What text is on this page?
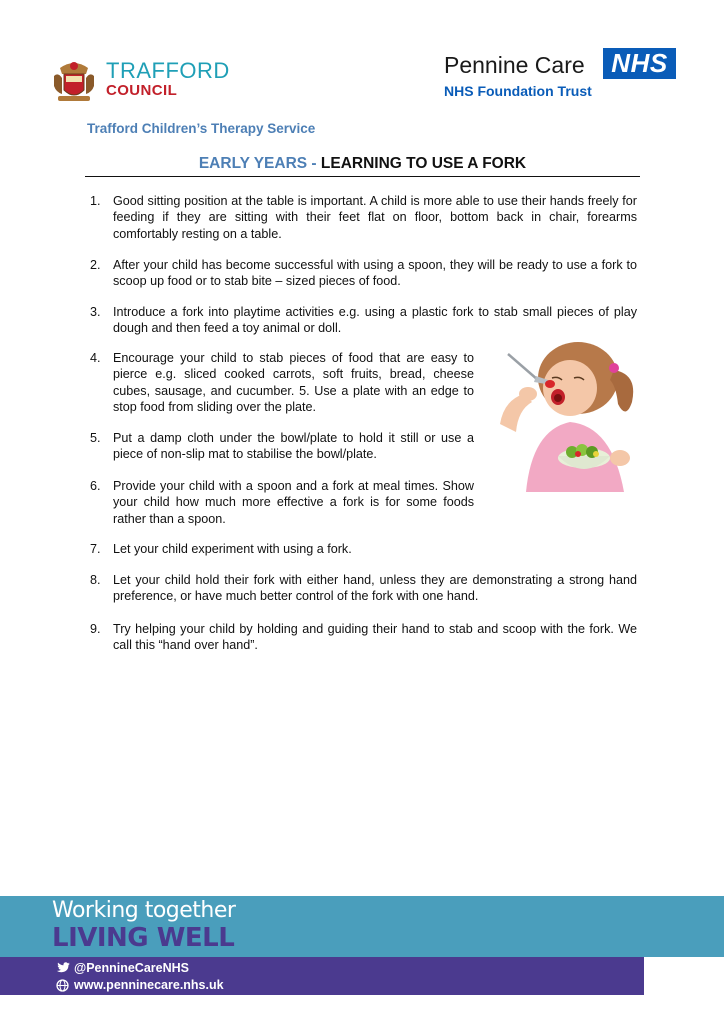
TRAFFORD
COUNCIL
Pennine Care	NHS
NHS Foundation Trust
Trafford Children’s Therapy Service
EARLY YEARS - LEARNING TO USE A FORK
1. Good sitting position at the table is important. A child is more able to use their hands freely for feeding if they are sitting with their feet flat on floor, bottom back in chair, forearms comfortably resting on a table.
2. After your child has become successful with using a spoon, they will be ready to use a fork to scoop up food or to stab bite – sized pieces of food.
3. Introduce a fork into playtime activities e.g. using a plastic fork to stab small pieces of play dough and then feed a toy animal or doll.
4. Encourage your child to stab pieces of food that are easy to pierce e.g. sliced cooked carrots, soft fruits, bread, cheese cubes, sausage, and cucumber. 5. Use a plate with an edge to stop food from sliding over the plate.
5. Put a damp cloth under the bowl/plate to hold it still or use a piece of non-slip mat to stabilise the bowl/plate.
6. Provide your child with a spoon and a fork at meal times. Show your child how much more effective a fork is for some foods rather than a spoon.
7. Let your child experiment with using a fork.
8. Let your child hold their fork with either hand, unless they are demonstrating a strong hand preference, or have much better control of the fork with one hand.
9. Try helping your child by holding and guiding their hand to stab and scoop with the fork. We call this “hand over hand”.
Working together
LIVING WELL
@PennineCareNHS
www.penninecare.nhs.uk
